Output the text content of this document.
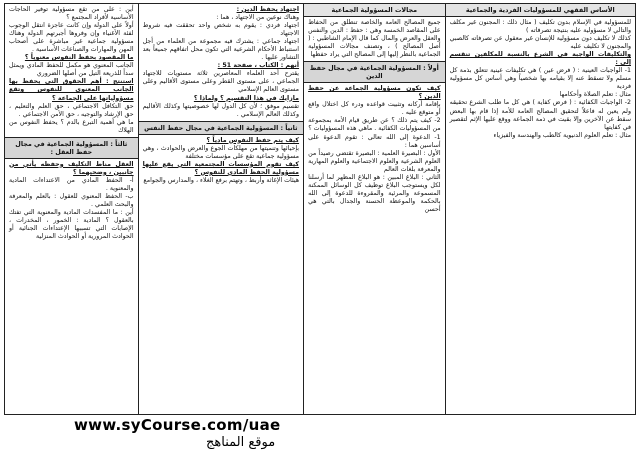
الأساس الفقهي للمسؤوليات الفردية والجماعية

للمسؤولية في الإسلام بدون تكليف ( مثال ذلك : المجنون غير مكلف والتالي لا مسؤولية عليه بنتيجة تصرفاته )

كذلك لا تكليف دون مسؤولية للإنسان غير معقول عن تصرفاته كالصبي والمجنون لا تكليف عليه

والتكليفات الواجبة في الشرع بالنسبة للمكلفين تنقسم إلى :

1- الواجبات العينية : ( فرض عين ) هي تكليفات عينية تتعلق بذمة كل مسلم ولا تسقط عنه إلا بقيامه بها شخصياً وهي أساس كل مسؤولية فردية

مثال : تعلم الصلاة وأحكامها

2- الواجبات الكفائية : ( فرض كفاية ) هي كل ما طلب الشرع تحقيقه ولم يعين له فاعلاً لتحقيق المصالح العامة للأمة إذا قام بها البعض سقط عن الآخرين وإلا بقيت في ذمة الجماعة ووقع عليها الإثم لتقصير في كفايتها

مثال : تعلم العلوم الدنيوية كالطب والهندسة والفيزياء

مجالات المسؤولية الجماعية

جميع المصالح العامة والخاصة تنطلق من الحفاظ على المقاصد الخمسة وهي : حفظ : الدين والنفس والعقل والعرض والمال كما قال الإمام الشاطبي : ( أصل المصالح ) ، وتصنف مجالات المسؤولية الجماعية بالنظر إليها إلى المصالح التي يراد حفظها

أولاً : المسؤولية الجماعية في مجال حفظ الدين

كيف تكون مسؤولية الجماعة عن حفظ الدين ؟

بإقامة أركانه وتثبيت قواعده ودرء كل اختلال واقع أو متوقع عليه .

2- كيف يتم ذلك ؟ عن طريق قيام الأمة بمجموعة من المسؤوليات الكفائية . ماهي هذه المسؤوليات ؟

1- الدعوة إلى الله تعالى : تقوم الدعوة على أساسين هما :

الأول : البصيرة العلمية : البصيرة تقتضي رصيداً من العلوم الشرعية والعلوم الاجتماعية والعلوم المهارية والمعرفة بلغات العالم

الثاني : البلاغ المبين : هو البلاغ المظهر لما أرسلنا لكل ويستوجب البلاغ توظيف كل الوسائل الممكنة المسموعة والمرئية والمقروءة للدعوة إلى الله بالحكمة والموعظة الحسنة والجدال بالتي هي أحسن

اجتهاد يحفظ الدين :

وهناك نوعين من الاجتهاد ، هما :

اجتهاد فردي : يقوم به شخص واحد تحققت فيه شروط الاجتهاد

اجتهاد جماعي : يشترك فيه مجموعة من العلماء من أجل استنباط الأحكام الشرعية التي تكون محل اتفاقهم جميعاً بعد التشاور عليها .

أنهم : الكتاب ، صفحة 51 :

يقترح أحد العلماء المعاصرين ثلاثة مستويات للاجتهاد الجماعي ، على مستوى القطر وعلى مستوى الأقاليم وعلى مستوى العالم الإسلامي

مازايك في هذا التقسيم ؟ ولماذا ؟

تقسيم موفق ؛ لأن كل الدول لها خصوصيتها وكذلك الأقاليم وكذلك العالم الإسلامي .

ثانياً : المسؤولية الجماعية في مجال حفظ النفس

كيف يتم حفظ النفوس مادياً ؟

بإحيائها وتنميتها من مهلكات الجوع والعرض والحوادث ، وهي مسؤولية جماعية تقع على مؤسسات مختلفة

كيف تقوم المؤسسات المجتمعية التي يقع عليها مسؤولية الحفظ المادي للنفوس ؟

هيئات الإغاثة وأربط ، وتهتم برفع الغلاء ، والمدارس والجوامع

أين : على من تقع مسؤولية توفير الحاجات الأساسية لأفراد المجتمع ؟

أولاً على الدولة وإن كانت عاجزة انتقل الوجوب لفئة الأغنياء وإن وفروها أجبرتهم الدولة وهناك مسؤولية جماعية غير مباشرة على أصحاب المهن والمهارات والصناعات الأساسية .

ما المقصود بحفظ النفوس معنوياً ؟

الجانب المعنوي هو مكمل للحفظ المادي ويمثل سداً للذريعة التيل من أصلها الضروري

استنتج : أهم الحقوق التي يحفظ بها الجانب المعنوي للنفوس وتقع مسؤولياتها على الجماعة ؟

حق التكافل الاجتماعي ، حق العلم والتعليم ، حق الإرشاد والتوجيه ، حق الأمن الاجتماعي .

ما هي أهمية التبرع بالدم ؟ يحفظ النفوس من الهلاك

ثالثاً : المسؤولية الجماعية في مجال حفظ العقل :

العقل مناط التكليف وحفظه يأتي من جانبين ، وضحيهما ؟

أ- الحفظ المادي من الاعتداءات المادية والمعنوية .

ب- الحفظ المعنوي للعقول : بالعلم والمعرفة والبحث العلمي .

أين : ما المفسدات المادية والمعنوية التي تفتك بالعقول ؟ المادية : الخمور ، المخدرات ، الإصابات التي تسببها الإعتداءات الجنائية أو الحوادث المرورية أو الحوادث المنزلية

www.syCourse.com/uae
موقع المناهج
